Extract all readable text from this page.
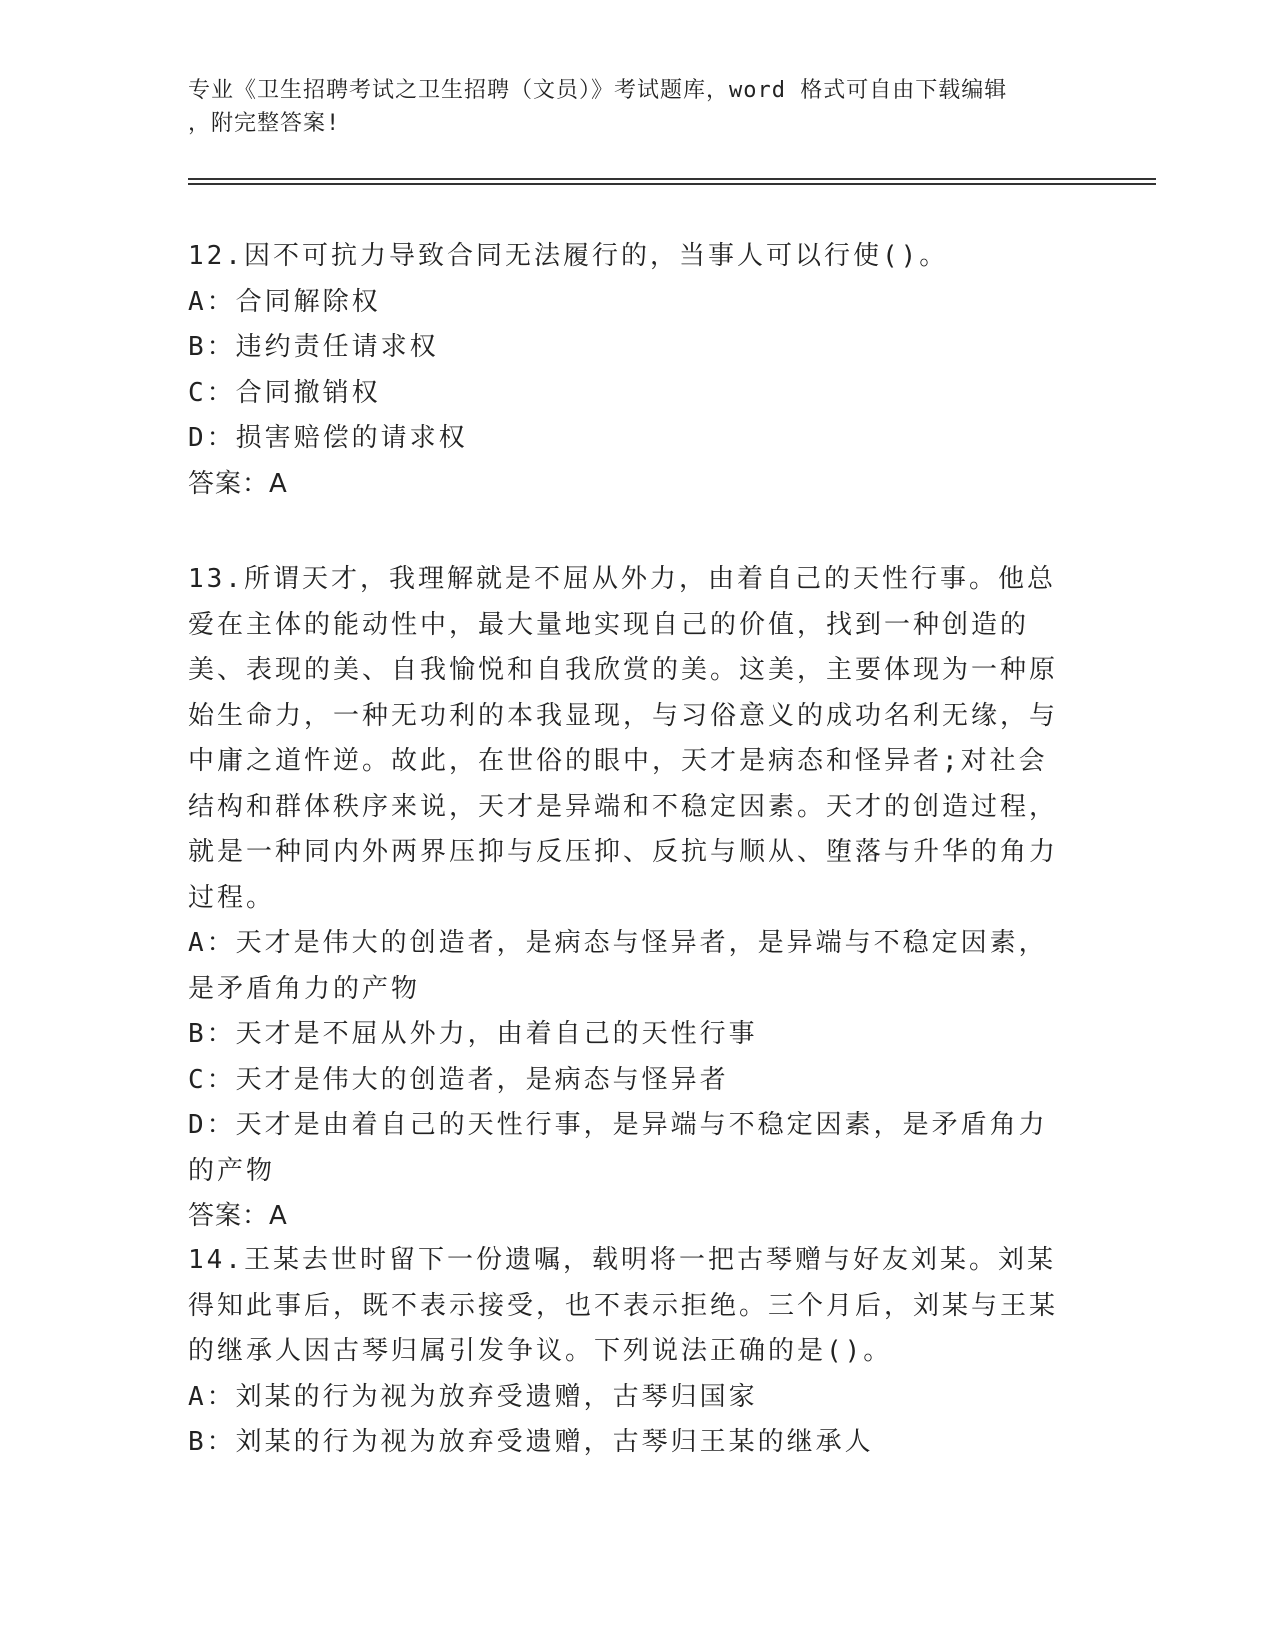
专业《卫生招聘考试之卫生招聘（文员）》考试题库，word 格式可自由下载编辑
，附完整答案!

12.因不可抗力导致合同无法履行的，当事人可以行使()。

A：合同解除权

B：违约责任请求权

C：合同撤销权

D：损害赔偿的请求权

答案：A

13.所谓天才，我理解就是不屈从外力，由着自己的天性行事。他总爱在主体的能动性中，最大量地实现自己的价值，找到一种创造的美、表现的美、自我愉悦和自我欣赏的美。这美，主要体现为一种原始生命力，一种无功利的本我显现，与习俗意义的成功名利无缘，与中庸之道忤逆。故此，在世俗的眼中，天才是病态和怪异者;对社会结构和群体秩序来说，天才是异端和不稳定因素。天才的创造过程，就是一种同内外两界压抑与反压抑、反抗与顺从、堕落与升华的角力过程。

A：天才是伟大的创造者，是病态与怪异者，是异端与不稳定因素，是矛盾角力的产物

B：天才是不屈从外力，由着自己的天性行事

C：天才是伟大的创造者，是病态与怪异者

D：天才是由着自己的天性行事，是异端与不稳定因素，是矛盾角力的产物

答案：A

14.王某去世时留下一份遗嘱，载明将一把古琴赠与好友刘某。刘某得知此事后，既不表示接受，也不表示拒绝。三个月后，刘某与王某的继承人因古琴归属引发争议。下列说法正确的是()。

A：刘某的行为视为放弃受遗赠，古琴归国家

B：刘某的行为视为放弃受遗赠，古琴归王某的继承人
